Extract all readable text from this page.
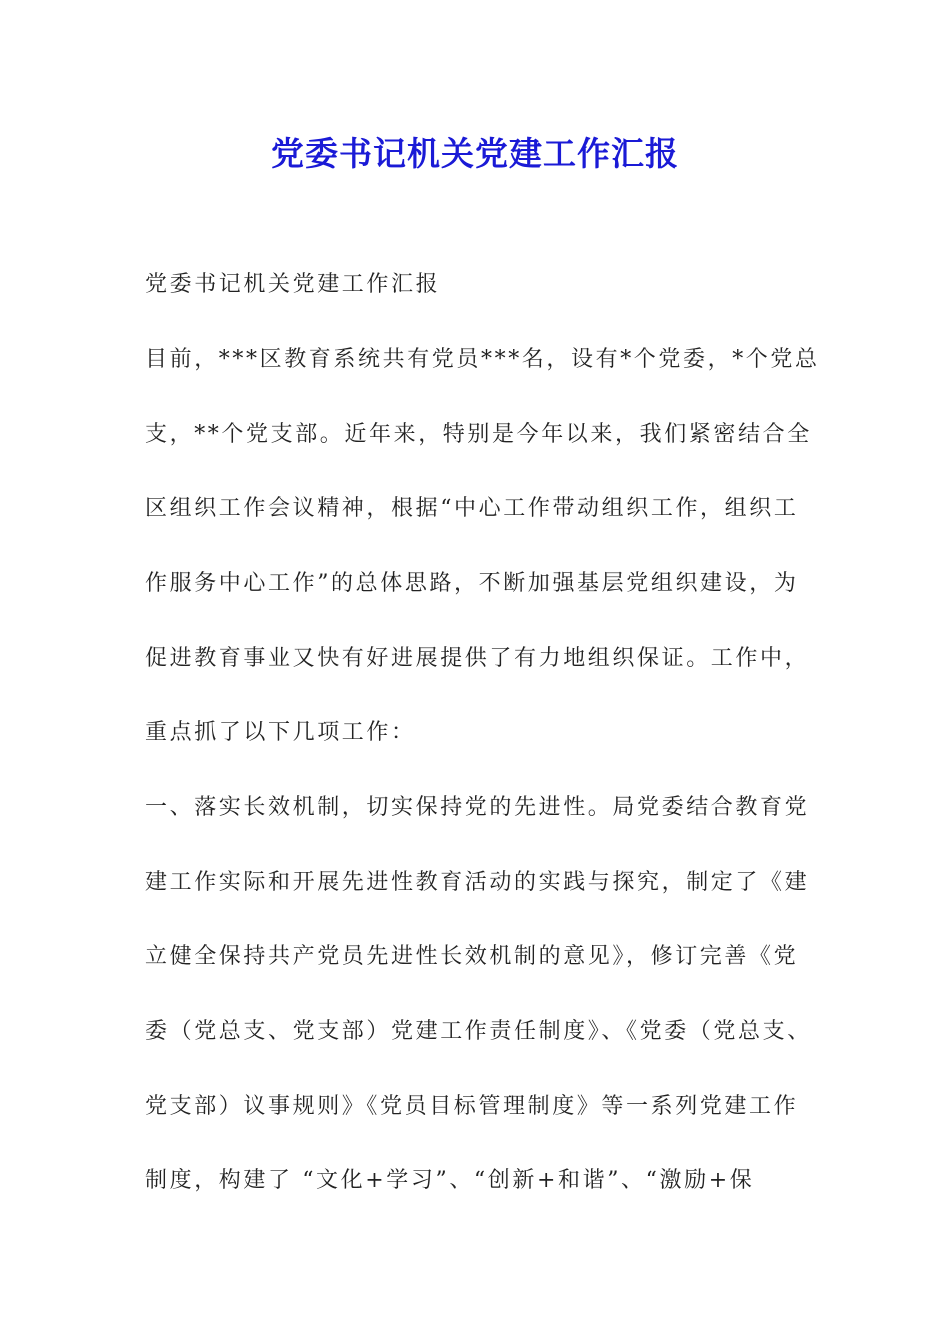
党委书记机关党建工作汇报
党委书记机关党建工作汇报
目前，***区教育系统共有党员***名，设有*个党委，*个党总
支，**个党支部。近年来，特别是今年以来，我们紧密结合全
区组织工作会议精神，根据“中心工作带动组织工作，组织工
作服务中心工作”的总体思路，不断加强基层党组织建设，为
促进教育事业又快有好进展提供了有力地组织保证。工作中，
重点抓了以下几项工作：
一、落实长效机制，切实保持党的先进性。局党委结合教育党
建工作实际和开展先进性教育活动的实践与探究，制定了《建
立健全保持共产党员先进性长效机制的意见》，修订完善《党
委（党总支、党支部）党建工作责任制度》、《党委（党总支、
党支部）议事规则》《党员目标管理制度》等一系列党建工作
制度，构建了 “文化+学习”、“创新+和谐”、“激励+保
